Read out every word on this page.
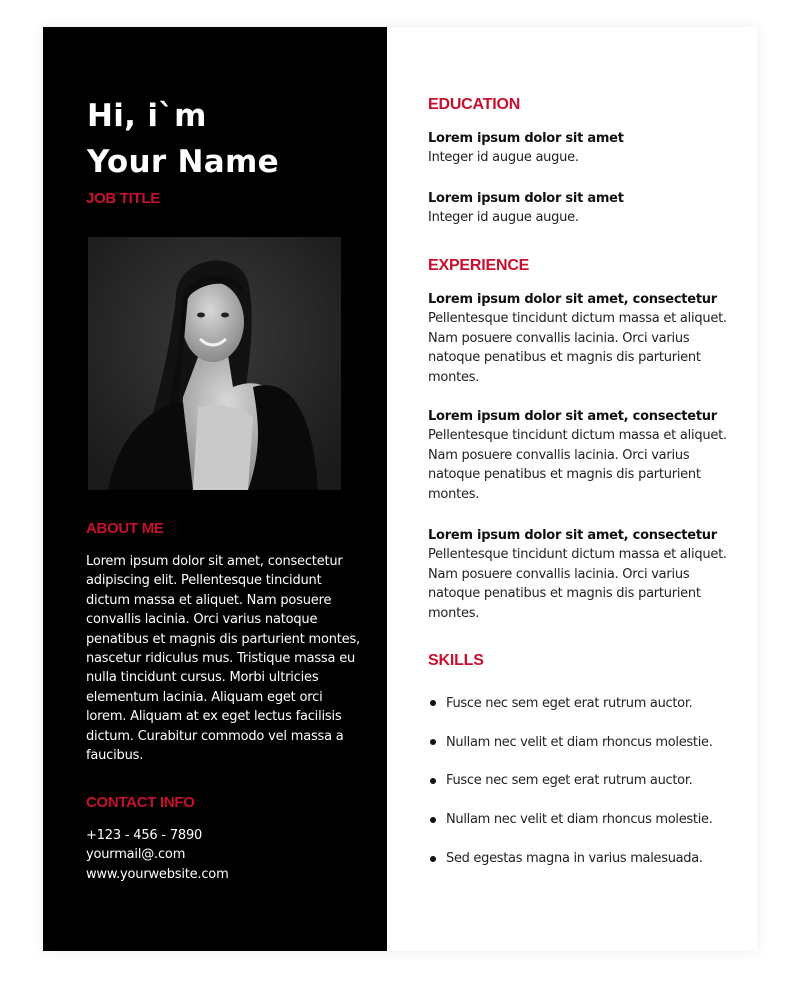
Hi, i`m
Your Name
JOB TITLE
ABOUT ME
Lorem ipsum dolor sit amet, consectetur adipiscing elit. Pellentesque tincidunt dictum massa et aliquet. Nam posuere convallis lacinia. Orci varius natoque penatibus et magnis dis parturient montes, nascetur ridiculus mus. Tristique massa eu nulla tincidunt cursus. Morbi ultricies elementum lacinia. Aliquam eget orci lorem. Aliquam at ex eget lectus facilisis dictum. Curabitur commodo vel massa a faucibus.
CONTACT INFO
+123 - 456 - 7890
yourmail@.com
www.yourwebsite.com
EDUCATION
Lorem ipsum dolor sit amet
Integer id augue augue.
Lorem ipsum dolor sit amet
Integer id augue augue.
EXPERIENCE
Lorem ipsum dolor sit amet, consectetur
Pellentesque tincidunt dictum massa et aliquet. Nam posuere convallis lacinia. Orci varius natoque penatibus et magnis dis parturient montes.
Lorem ipsum dolor sit amet, consectetur
Pellentesque tincidunt dictum massa et aliquet. Nam posuere convallis lacinia. Orci varius natoque penatibus et magnis dis parturient montes.
Lorem ipsum dolor sit amet, consectetur
Pellentesque tincidunt dictum massa et aliquet. Nam posuere convallis lacinia. Orci varius natoque penatibus et magnis dis parturient montes.
SKILLS
Fusce nec sem eget erat rutrum auctor.
Nullam nec velit et diam rhoncus molestie.
Fusce nec sem eget erat rutrum auctor.
Nullam nec velit et diam rhoncus molestie.
Sed egestas magna in varius malesuada.
